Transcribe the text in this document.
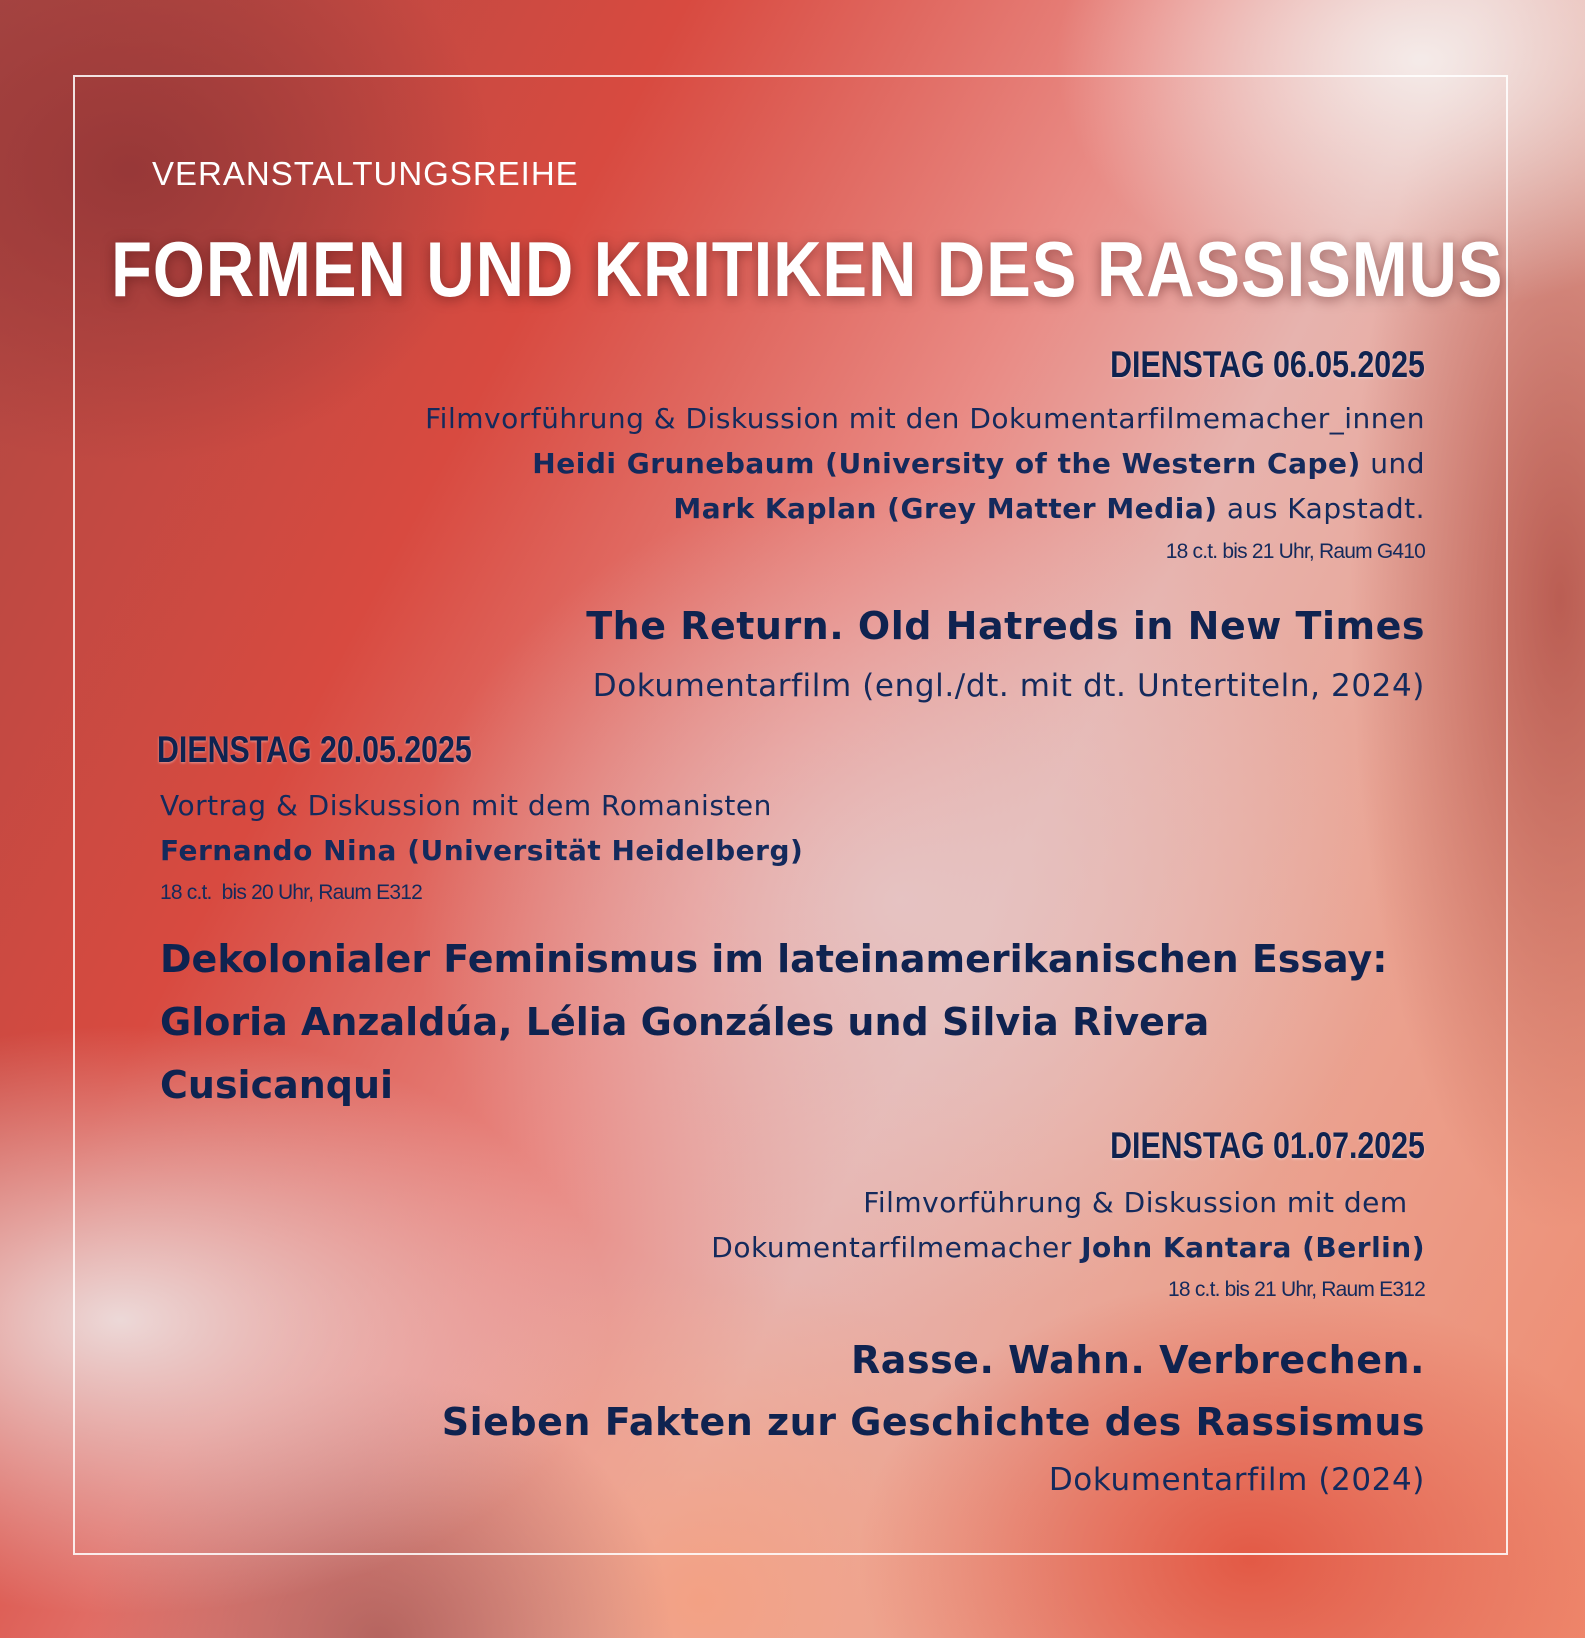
VERANSTALTUNGSREIHE
FORMEN UND KRITIKEN DES RASSISMUS
DIENSTAG 06.05.2025
Filmvorführung & Diskussion mit den Dokumentarfilmemacher_innen
Heidi Grunebaum (University of the Western Cape) und
Mark Kaplan (Grey Matter Media) aus Kapstadt.
18 c.t. bis 21 Uhr, Raum G410
The Return. Old Hatreds in New Times
Dokumentarfilm (engl./dt. mit dt. Untertiteln, 2024)
DIENSTAG 20.05.2025
Vortrag & Diskussion mit dem Romanisten
Fernando Nina (Universität Heidelberg)
18 c.t.  bis 20 Uhr, Raum E312
Dekolonialer Feminismus im lateinamerikanischen Essay: Gloria Anzaldúa, Lélia Gonzáles und Silvia Rivera Cusicanqui
DIENSTAG 01.07.2025
Filmvorführung & Diskussion mit dem
Dokumentarfilmemacher John Kantara (Berlin)
18 c.t. bis 21 Uhr, Raum E312
Rasse. Wahn. Verbrechen.
Sieben Fakten zur Geschichte des Rassismus
Dokumentarfilm (2024)
